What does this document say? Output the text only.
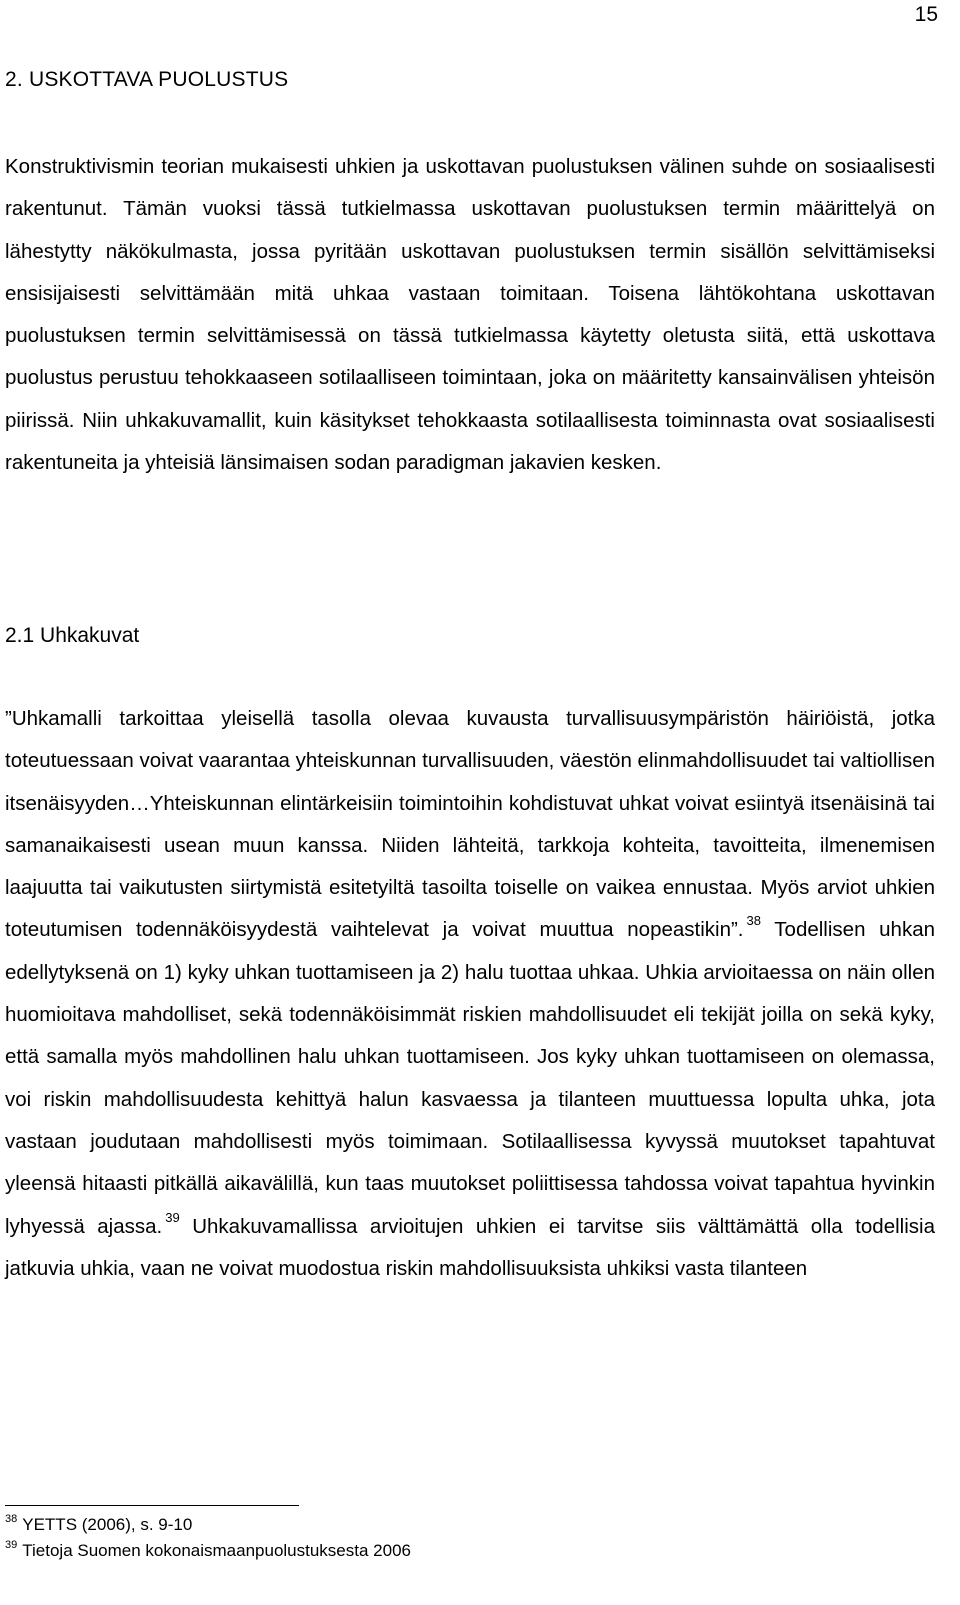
15
2. USKOTTAVA PUOLUSTUS

Konstruktivismin teorian mukaisesti uhkien ja uskottavan puolustuksen välinen suhde on sosiaalisesti rakentunut. Tämän vuoksi tässä tutkielmassa uskottavan puolustuksen termin määrittelyä on lähestytty näkökulmasta, jossa pyritään uskottavan puolustuksen termin sisällön selvittämiseksi ensisijaisesti selvittämään mitä uhkaa vastaan toimitaan. Toisena lähtökohtana uskottavan puolustuksen termin selvittämisessä on tässä tutkielmassa käytetty oletusta siitä, että uskottava puolustus perustuu tehokkaaseen sotilaalliseen toimintaan, joka on määritetty kansainvälisen yhteisön piirissä. Niin uhkakuvamallit, kuin käsitykset tehokkaasta sotilaallisesta toiminnasta ovat sosiaalisesti rakentuneita ja yhteisiä länsimaisen sodan paradigman jakavien kesken.

2.1 Uhkakuvat

”Uhkamalli tarkoittaa yleisellä tasolla olevaa kuvausta turvallisuusympäristön häiriöistä, jotka toteutuessaan voivat vaarantaa yhteiskunnan turvallisuuden, väestön elinmahdollisuudet tai valtiollisen itsenäisyyden…Yhteiskunnan elintärkeisiin toimintoihin kohdistuvat uhkat voivat esiintyä itsenäisinä tai samanaikaisesti usean muun kanssa. Niiden lähteitä, tarkkoja kohteita, tavoitteita, ilmenemisen laajuutta tai vaikutusten siirtymistä esitetyiltä tasoilta toiselle on vaikea ennustaa. Myös arviot uhkien toteutumisen todennäköisyydestä vaihtelevat ja voivat muuttua nopeastikin”. $^{38}$ Todellisen uhkan edellytyksenä on 1) kyky uhkan tuottamiseen ja 2) halu tuottaa uhkaa. Uhkia arvioitaessa on näin ollen huomioitava mahdolliset, sekä todennäköisimmät riskien mahdollisuudet eli tekijät joilla on sekä kyky, että samalla myös mahdollinen halu uhkan tuottamiseen. Jos kyky uhkan tuottamiseen on olemassa, voi riskin mahdollisuudesta kehittyä halun kasvaessa ja tilanteen muuttuessa lopulta uhka, jota vastaan joudutaan mahdollisesti myös toimimaan. Sotilaallisessa kyvyssä muutokset tapahtuvat yleensä hitaasti pitkällä aikavälillä, kun taas muutokset poliittisessa tahdossa voivat tapahtua hyvinkin lyhyessä ajassa. $^{39}$ Uhkakuvamallissa arvioitujen uhkien ei tarvitse siis välttämättä olla todellisia jatkuvia uhkia, vaan ne voivat muodostua riskin mahdollisuuksista uhkiksi vasta tilanteen

$^{38}$ YETTS (2006), s. 9-10
$^{39}$ Tietoja Suomen kokonaismaanpuolustuksesta 2006
